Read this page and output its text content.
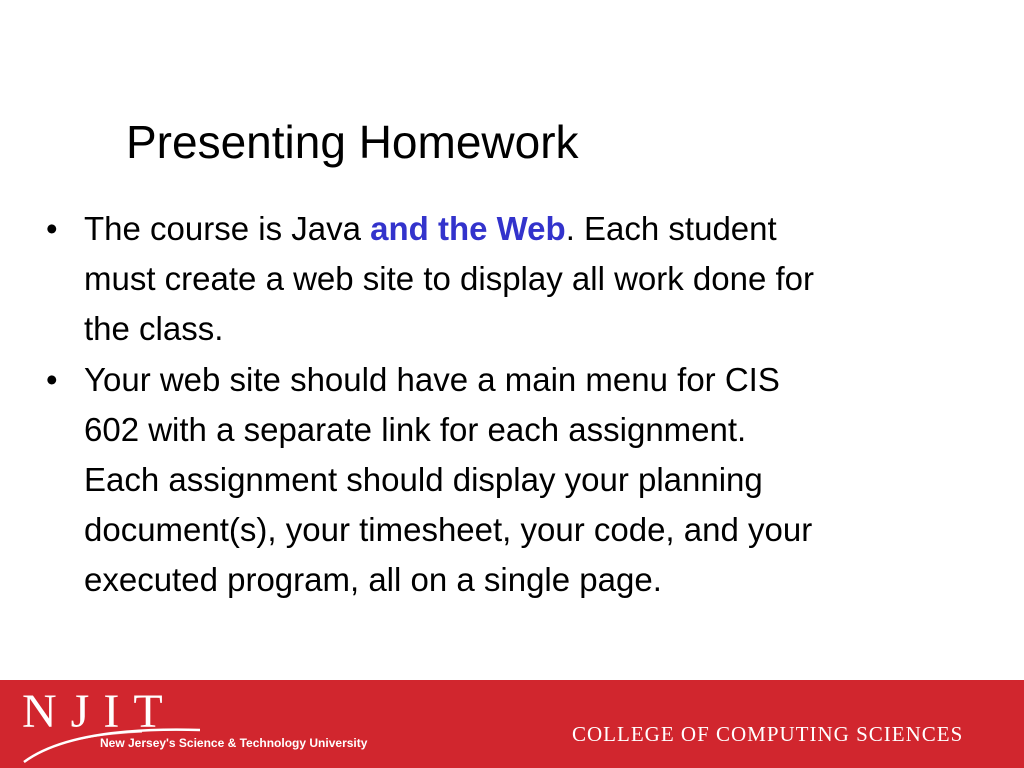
Presenting Homework
• The course is Java and the Web. Each student
must create a web site to display all work done for
the class.
• Your web site should have a main menu for CIS
602 with a separate link for each assignment.
Each assignment should display your planning
document(s), your timesheet, your code, and your
executed program, all on a single page.
NJIT
New Jersey's Science & Technology University	COLLEGE OF COMPUTING SCIENCES
